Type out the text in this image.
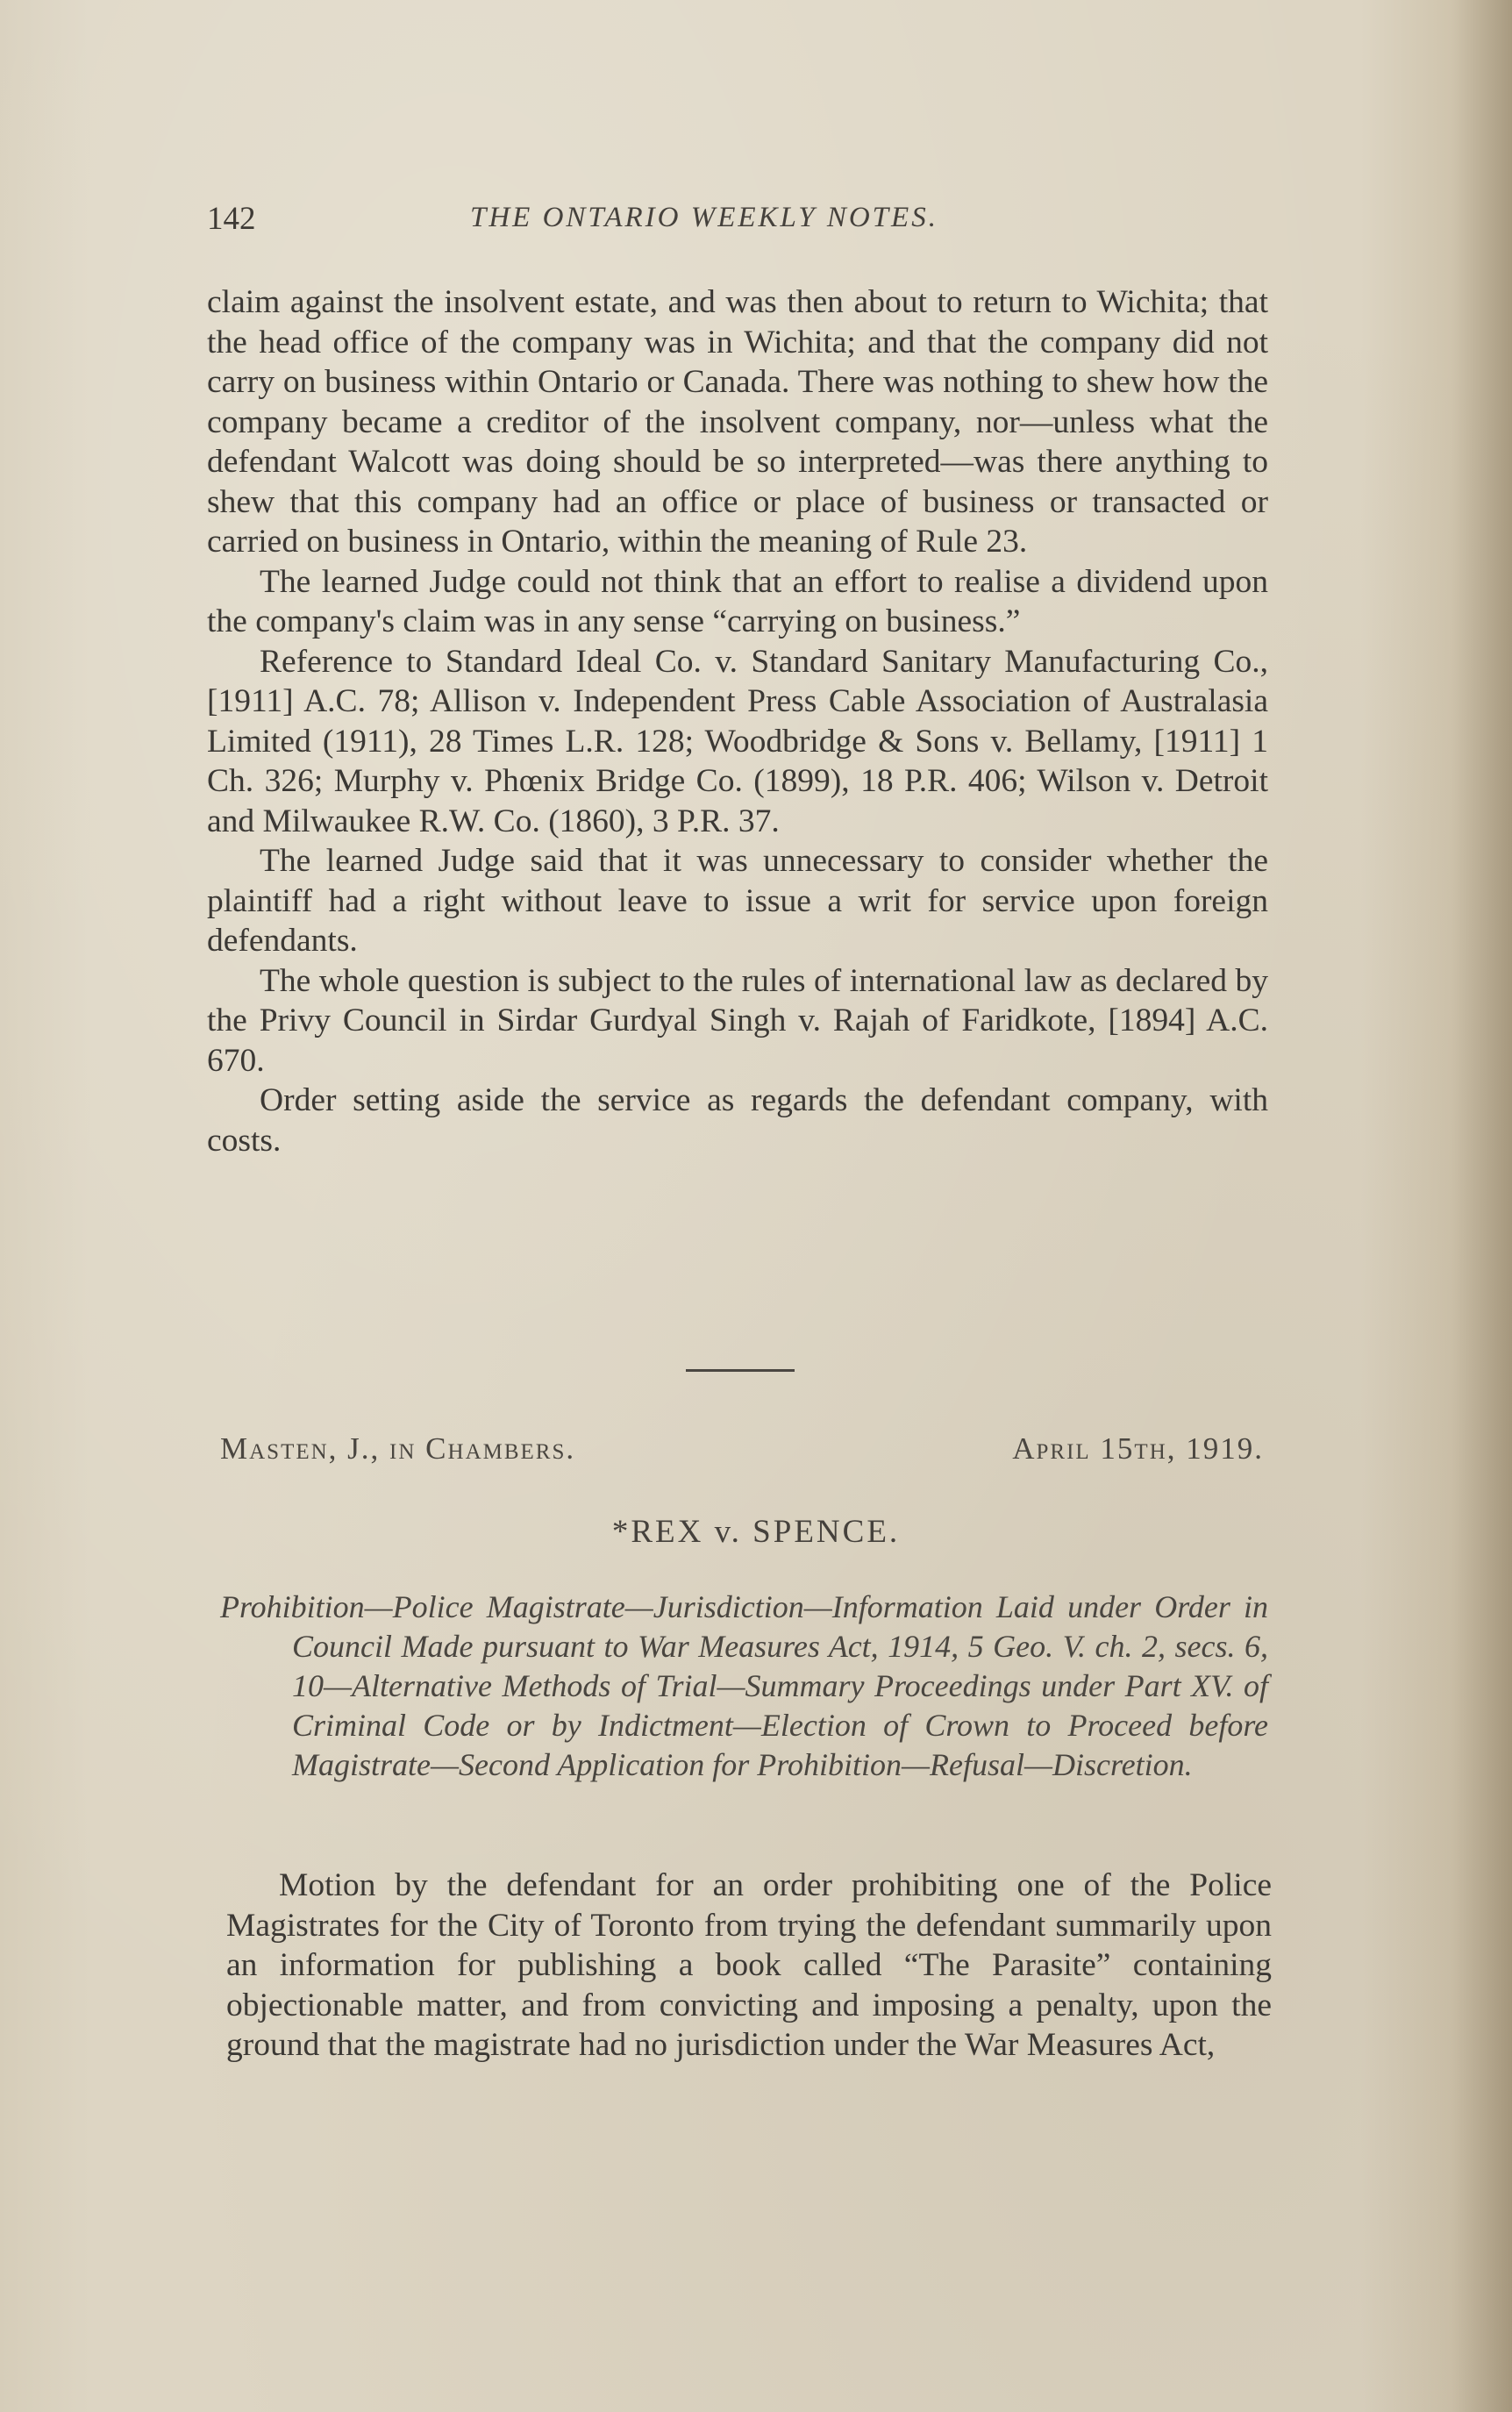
142	THE ONTARIO WEEKLY NOTES.

claim against the insolvent estate, and was then about to return to Wichita; that the head office of the company was in Wichita; and that the company did not carry on business within Ontario or Canada. There was nothing to shew how the company became a creditor of the insolvent company, nor—unless what the defendant Walcott was doing should be so interpreted—was there anything to shew that this company had an office or place of business or transacted or carried on business in Ontario, within the meaning of Rule 23.

The learned Judge could not think that an effort to realise a dividend upon the company's claim was in any sense “carrying on business.”

Reference to Standard Ideal Co. v. Standard Sanitary Manufacturing Co., [1911] A.C. 78; Allison v. Independent Press Cable Association of Australasia Limited (1911), 28 Times L.R. 128; Woodbridge & Sons v. Bellamy, [1911] 1 Ch. 326; Murphy v. Phœnix Bridge Co. (1899), 18 P.R. 406; Wilson v. Detroit and Milwaukee R.W. Co. (1860), 3 P.R. 37.

The learned Judge said that it was unnecessary to consider whether the plaintiff had a right without leave to issue a writ for service upon foreign defendants.

The whole question is subject to the rules of international law as declared by the Privy Council in Sirdar Gurdyal Singh v. Rajah of Faridkote, [1894] A.C. 670.

Order setting aside the service as regards the defendant company, with costs.

Masten, J., in Chambers.	April 15th, 1919.
*REX v. SPENCE.
Prohibition—Police Magistrate—Jurisdiction—Information Laid under Order in Council Made pursuant to War Measures Act, 1914, 5 Geo. V. ch. 2, secs. 6, 10—Alternative Methods of Trial—Summary Proceedings under Part XV. of Criminal Code or by Indictment—Election of Crown to Proceed before Magistrate—Second Application for Prohibition—Refusal—Discretion.

Motion by the defendant for an order prohibiting one of the Police Magistrates for the City of Toronto from trying the defendant summarily upon an information for publishing a book called “The Parasite” containing objectionable matter, and from convicting and imposing a penalty, upon the ground that the magistrate had no jurisdiction under the War Measures Act,
